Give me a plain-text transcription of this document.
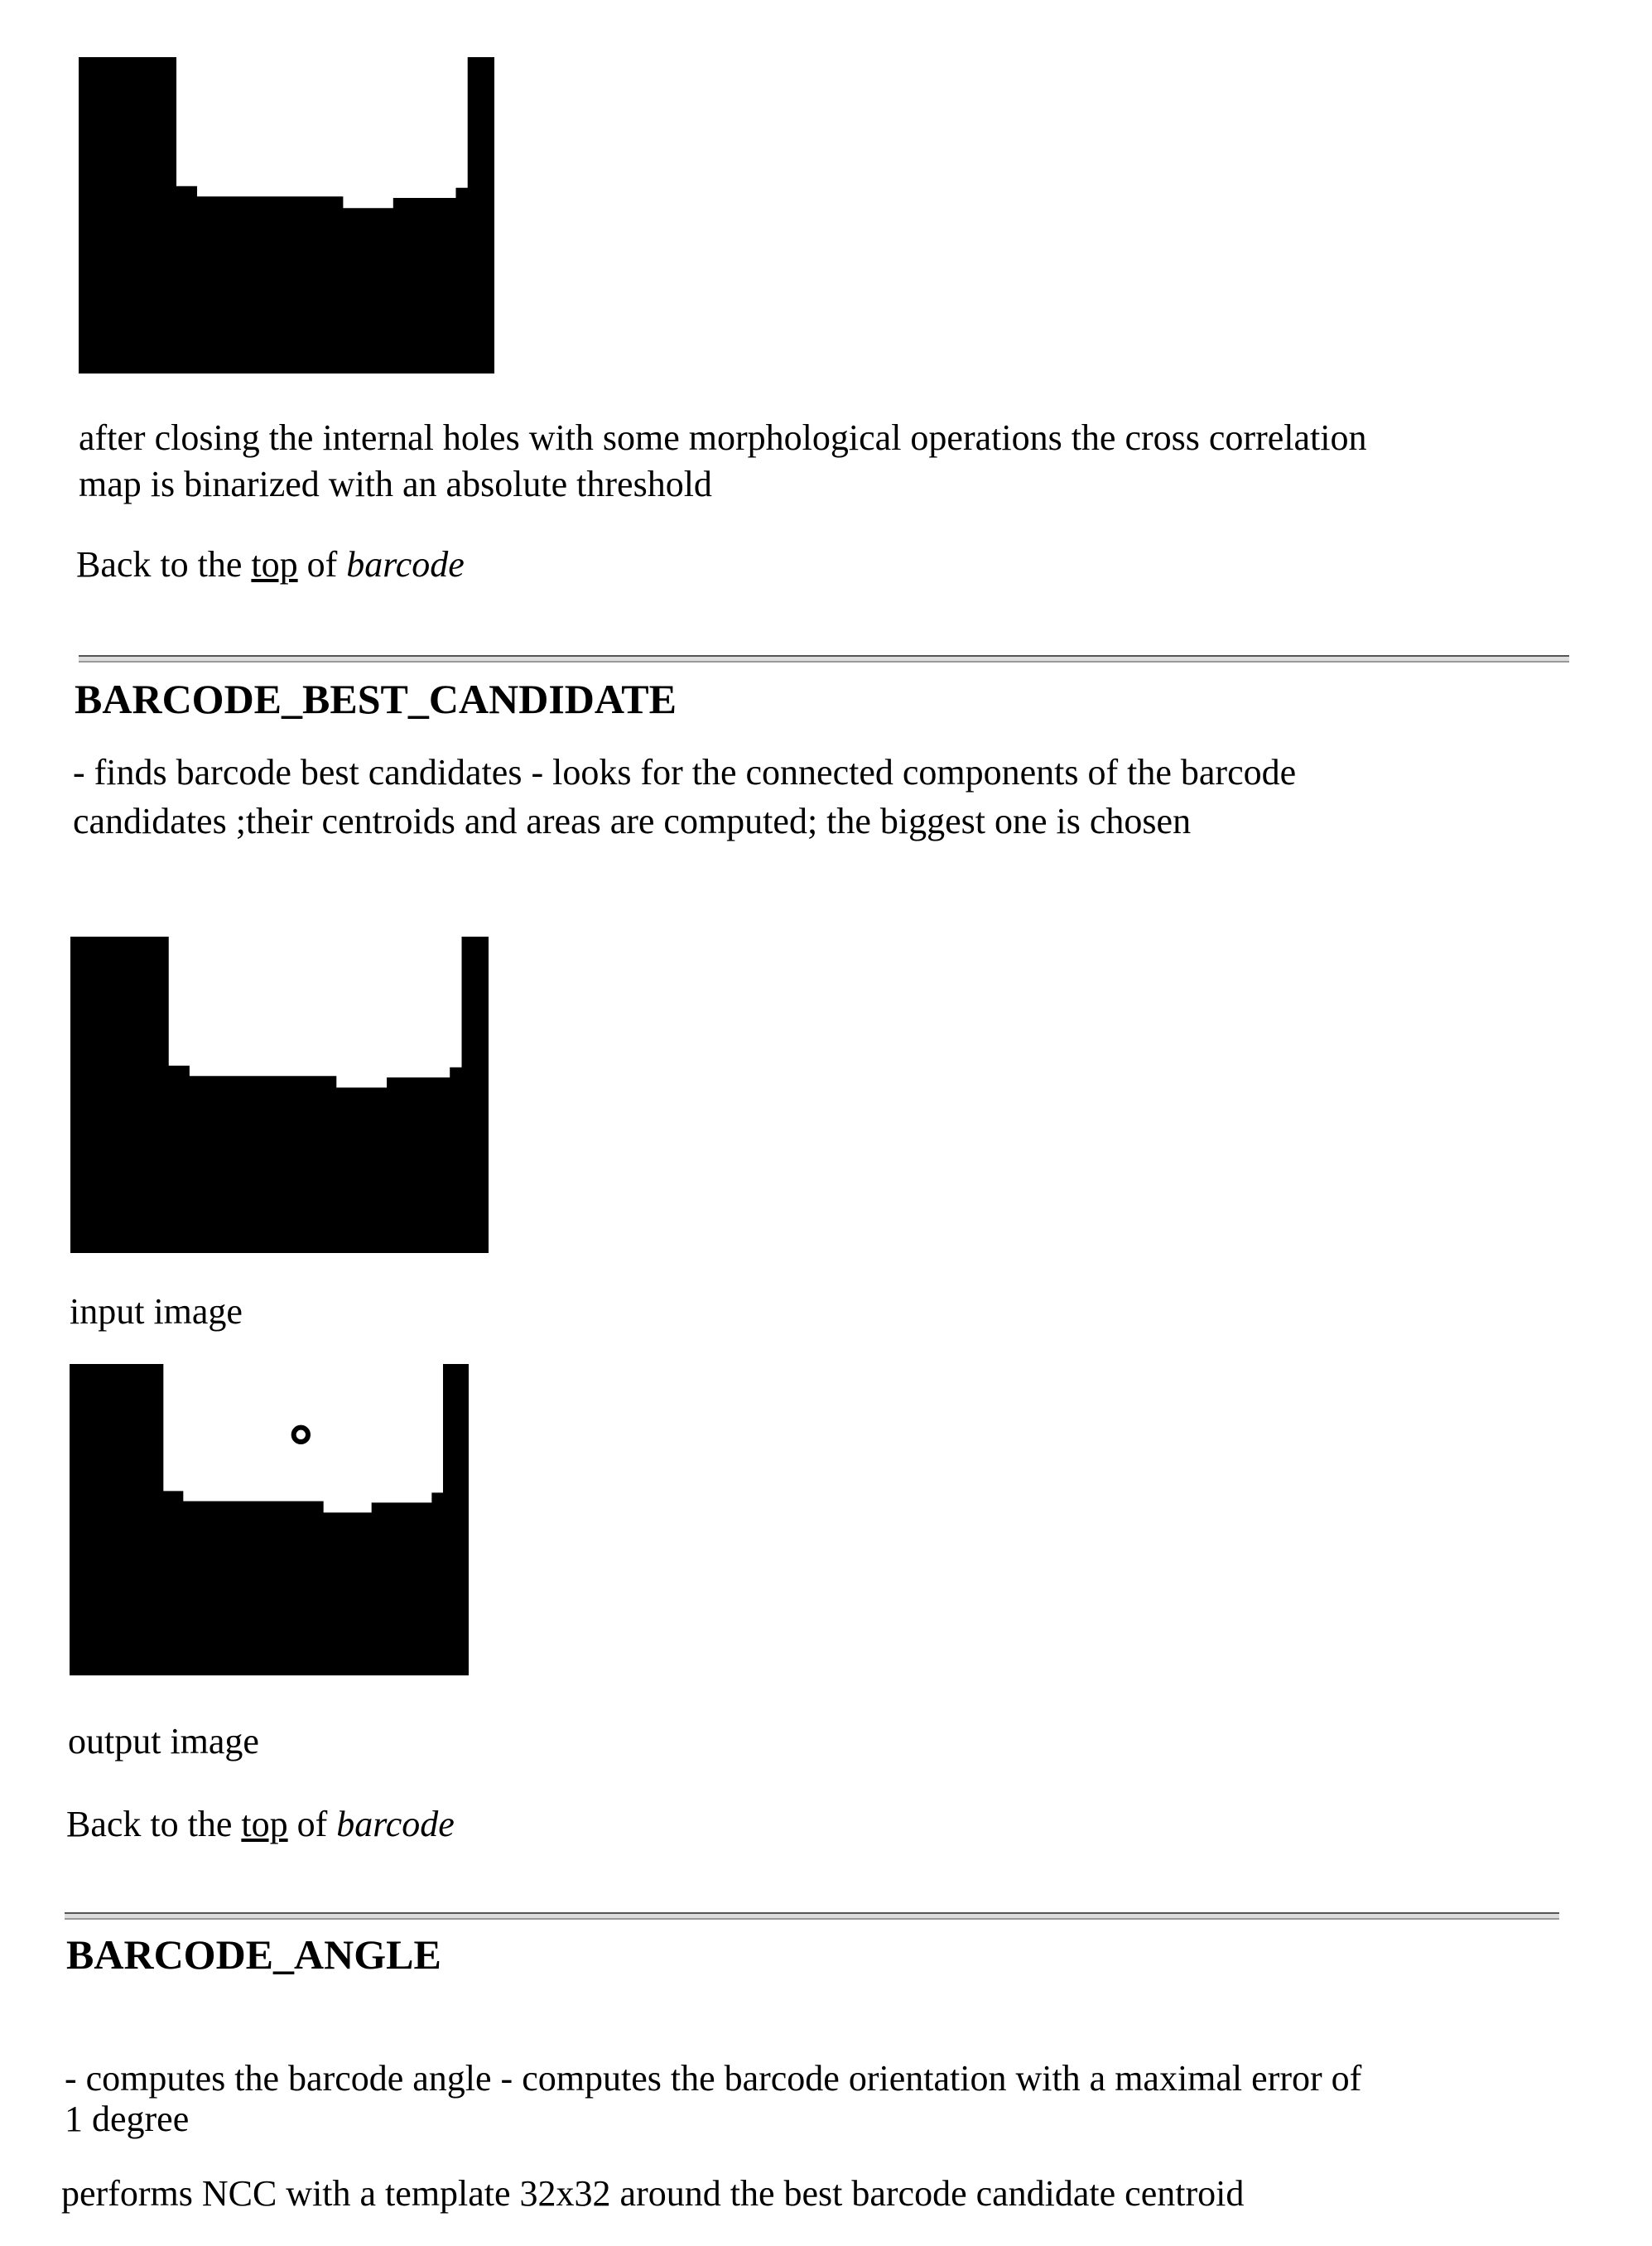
after closing the internal holes with some morphological operations the cross correlation
map is binarized with an absolute threshold
Back to the top of barcode
BARCODE_BEST_CANDIDATE
- finds barcode best candidates - looks for the connected components of the barcode
candidates ;their centroids and areas are computed; the biggest one is chosen
input image
output image
Back to the top of barcode
BARCODE_ANGLE
- computes the barcode angle - computes the barcode orientation with a maximal error of
1 degree
performs NCC with a template 32x32 around the best barcode candidate centroid
